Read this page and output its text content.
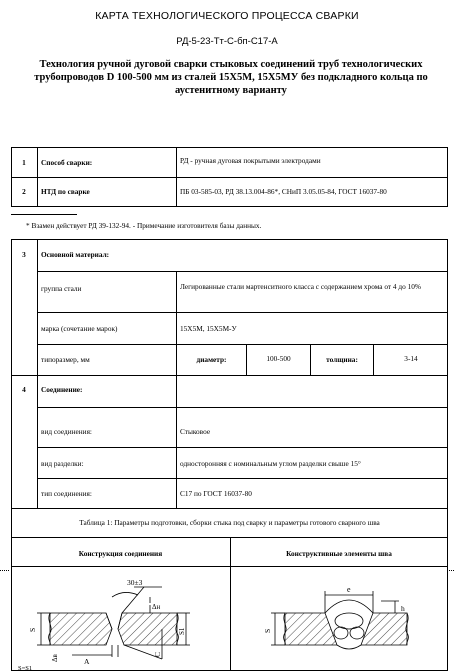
КАРТА ТЕХНОЛОГИЧЕСКОГО ПРОЦЕССА СВАРКИ
РД-5-23-Тт-С-бп-С17-А
Технология ручной дуговой сварки стыковых соединений труб технологических трубопроводов D 100-500 мм из сталей 15Х5М, 15Х5МУ без подкладного кольца по аустенитному варианту
1	Способ сварки:	РД - ручная дуговая покрытыми электродами
2	НТД по сварке	ПБ 03-585-03, РД 38.13.004-86*, СНиП 3.05.05-84, ГОСТ 16037-80
* Взамен действует РД 39-132-94. - Примечание изготовителя базы данных.
3	Основной материал:
группа стали	Легированные стали мартенситного класса с содержанием хрома от 4 до 10%
марка (сочетание марок)	15Х5М, 15Х5М-У
типоразмер, мм	диаметр:	100-500	толщина:	3-14
4	Соединение:
вид соединения:	Стыковое
вид разделки:	односторонняя с номинальным углом разделки свыше 15°
тип соединения:	С17 по ГОСТ 16037-80
Таблица 1: Параметры подготовки, сборки стыка под сварку и параметры готового сварного шва
Конструкция соединения	Конструктивные элементы шва
30±3
Δн
S	S1
C
A
Δв
S=S1
e
h
S
